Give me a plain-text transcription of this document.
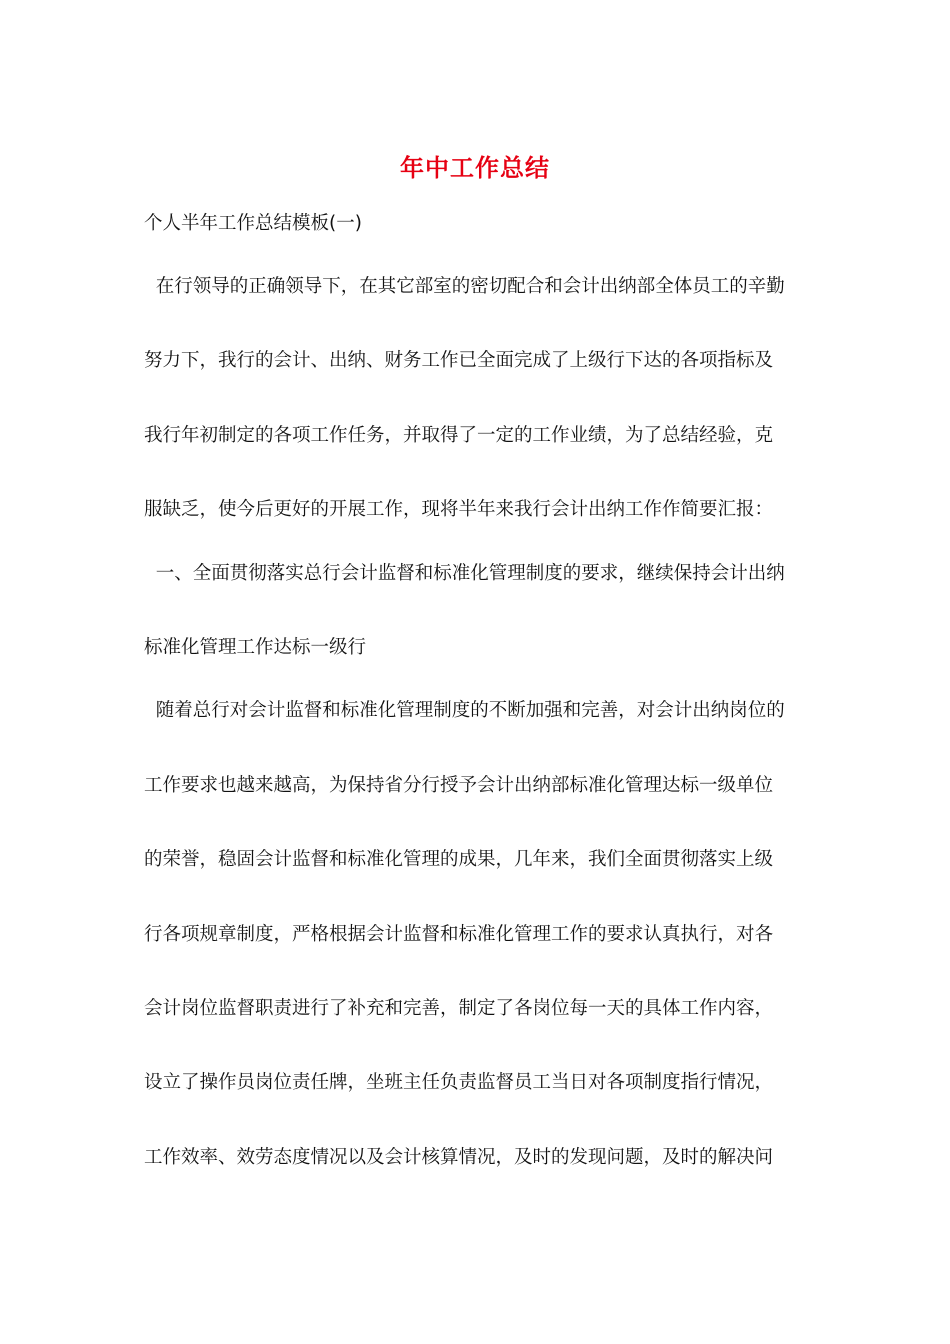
年中工作总结
个人半年工作总结模板(一)
在行领导的正确领导下，在其它部室的密切配合和会计出纳部全体员工的辛勤
努力下，我行的会计、出纳、财务工作已全面完成了上级行下达的各项指标及
我行年初制定的各项工作任务，并取得了一定的工作业绩，为了总结经验，克
服缺乏，使今后更好的开展工作，现将半年来我行会计出纳工作作简要汇报：
一、全面贯彻落实总行会计监督和标准化管理制度的要求，继续保持会计出纳
标准化管理工作达标一级行
随着总行对会计监督和标准化管理制度的不断加强和完善，对会计出纳岗位的
工作要求也越来越高，为保持省分行授予会计出纳部标准化管理达标一级单位
的荣誉，稳固会计监督和标准化管理的成果，几年来，我们全面贯彻落实上级
行各项规章制度，严格根据会计监督和标准化管理工作的要求认真执行，对各
会计岗位监督职责进行了补充和完善，制定了各岗位每一天的具体工作内容，
设立了操作员岗位责任牌，坐班主任负责监督员工当日对各项制度指行情况，
工作效率、效劳态度情况以及会计核算情况，及时的发现问题，及时的解决问
